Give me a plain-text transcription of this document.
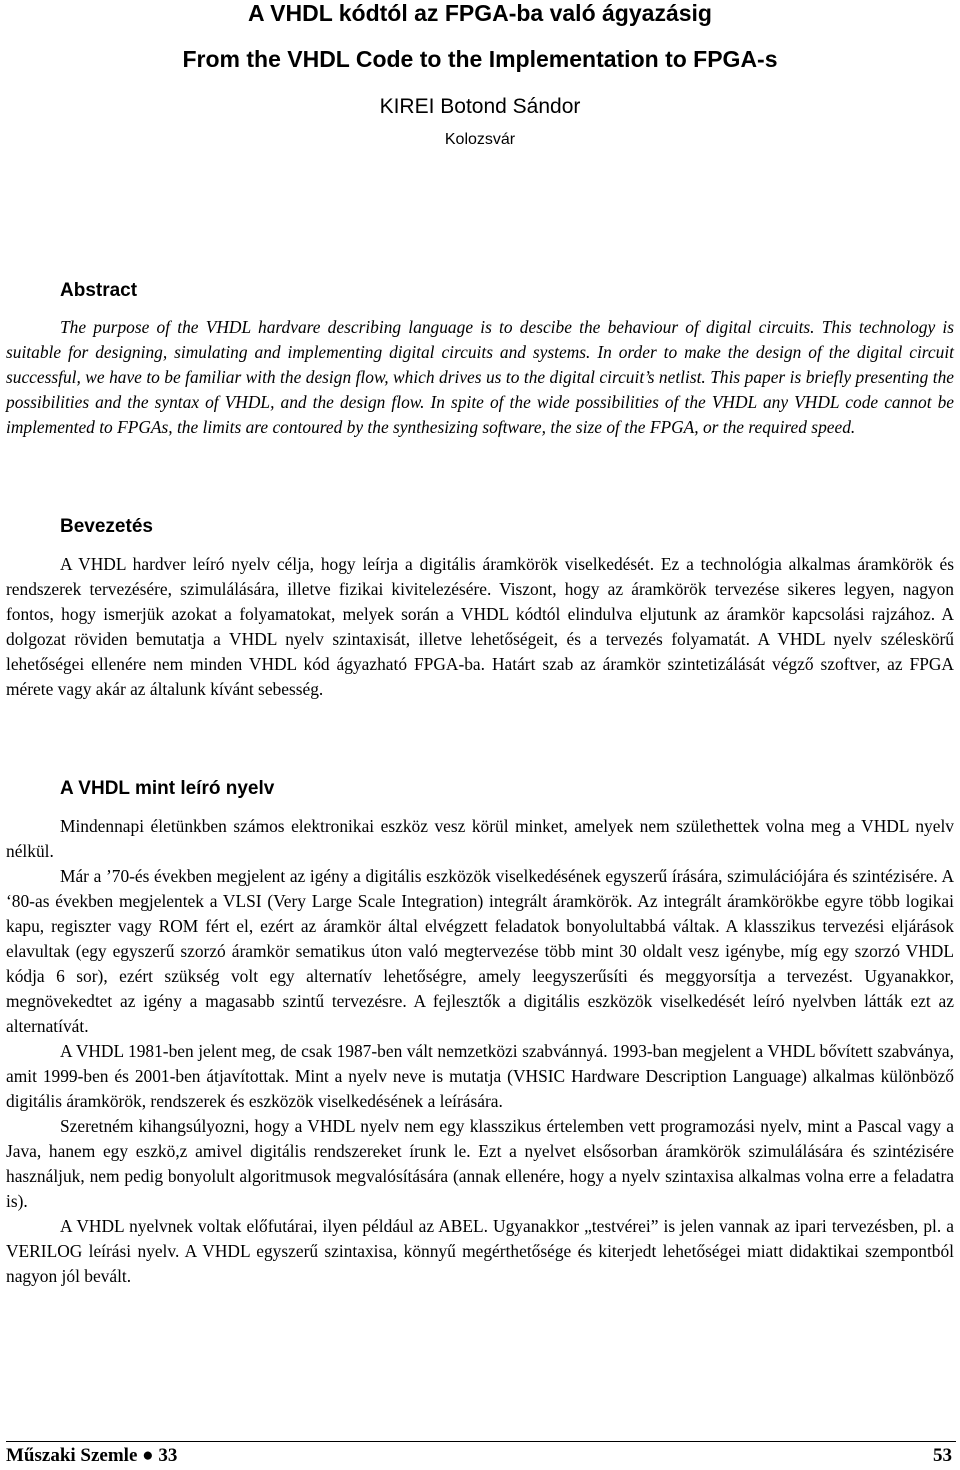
A VHDL kódtól az FPGA-ba való ágyazásig
From the VHDL Code to the Implementation to FPGA-s
KIREI Botond Sándor
Kolozsvár
Abstract

The purpose of the VHDL hardvare describing language is to descibe the behaviour of digital circuits. This technology is suitable for designing, simulating and implementing digital circuits and systems. In order to make the design of the digital circuit successful, we have to be familiar with the design flow, which drives us to the digital circuit’s netlist. This paper is briefly presenting the possibilities and the syntax of VHDL, and the design flow. In spite of the wide possibilities of the VHDL any VHDL code cannot be implemented to FPGAs, the limits are contoured by the synthesizing software, the size of the FPGA, or the required speed.

Bevezetés

A VHDL hardver leíró nyelv célja, hogy leírja a digitális áramkörök viselkedését. Ez a technológia alkalmas áramkörök és rendszerek tervezésére, szimulálására, illetve fizikai kivitelezésére. Viszont, hogy az áramkörök tervezése sikeres legyen, nagyon fontos, hogy ismerjük azokat a folyamatokat, melyek során a VHDL kódtól elindulva eljutunk az áramkör kapcsolási rajzához. A dolgozat röviden bemutatja a VHDL nyelv szintaxisát, illetve lehetőségeit, és a tervezés folyamatát. A VHDL nyelv széleskörű lehetőségei ellenére nem minden VHDL kód ágyazható FPGA-ba. Határt szab az áramkör szintetizálását végző szoftver, az FPGA mérete vagy akár az általunk kívánt sebesség.

A VHDL mint leíró nyelv

Mindennapi életünkben számos elektronikai eszköz vesz körül minket, amelyek nem születhettek volna meg a VHDL nyelv nélkül.

Már a ’70-és években megjelent az igény a digitális eszközök viselkedésének egyszerű írására, szimulációjára és szintézisére. A ‘80-as években megjelentek a VLSI (Very Large Scale Integration) integrált áramkörök. Az integrált áramkörökbe egyre több logikai kapu, regiszter vagy ROM fért el, ezért az áramkör által elvégzett feladatok bonyolultabbá váltak. A klasszikus tervezési eljárások elavultak (egy egyszerű szorzó áramkör sematikus úton való megtervezése több mint 30 oldalt vesz igénybe, míg egy szorzó VHDL kódja 6 sor), ezért szükség volt egy alternatív lehetőségre, amely leegyszerűsíti és meggyorsítja a tervezést. Ugyanakkor, megnövekedtet az igény a magasabb szintű tervezésre. A fejlesztők a digitális eszközök viselkedését leíró nyelvben látták ezt az alternatívát.

A VHDL 1981-ben jelent meg, de csak 1987-ben vált nemzetközi szabvánnyá. 1993-ban megjelent a VHDL bővített szabványa, amit 1999-ben és 2001-ben átjavítottak. Mint a nyelv neve is mutatja (VHSIC Hardware Description Language) alkalmas különböző digitális áramkörök, rendszerek és eszközök viselkedésének a leírására.

Szeretném kihangsúlyozni, hogy a VHDL nyelv nem egy klasszikus értelemben vett programozási nyelv, mint a Pascal vagy a Java, hanem egy eszkö,z amivel digitális rendszereket írunk le. Ezt a nyelvet elsősorban áramkörök szimulálására és szintézisére használjuk, nem pedig bonyolult algoritmusok megvalósítására (annak ellenére, hogy a nyelv szintaxisa alkalmas volna erre a feladatra is).

A VHDL nyelvnek voltak előfutárai, ilyen például az ABEL. Ugyanakkor „testvérei” is jelen vannak az ipari tervezésben, pl. a VERILOG leírási nyelv. A VHDL egyszerű szintaxisa, könnyű megérthetősége és kiterjedt lehetőségei miatt didaktikai szempontból nagyon jól bevált.

Műszaki Szemle ● 33	53
